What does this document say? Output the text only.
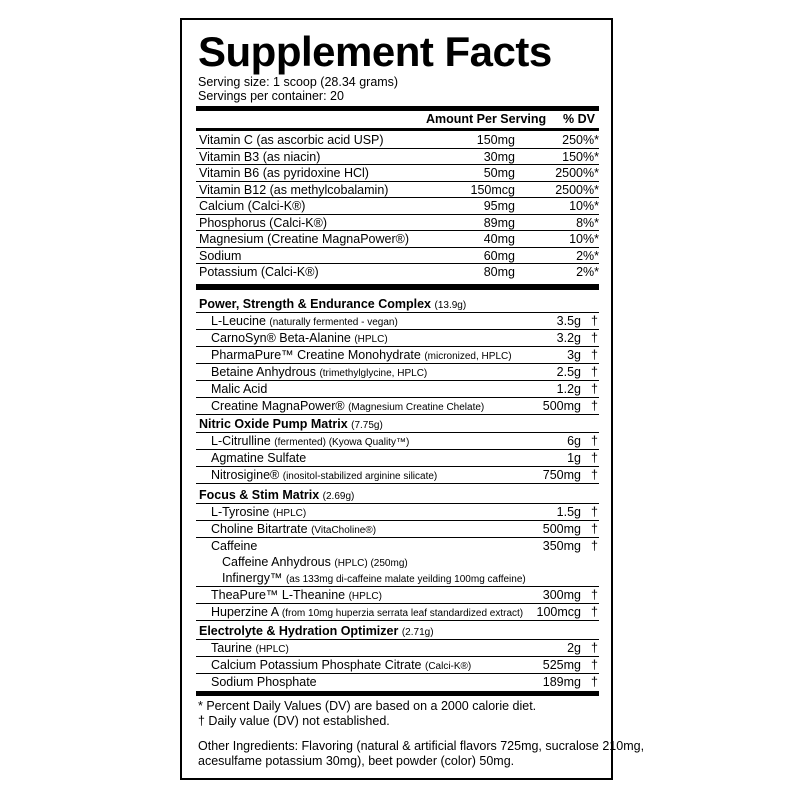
Supplement Facts
Serving size: 1 scoop (28.34 grams)
Servings per container: 20
Amount Per Serving % DV
Vitamin C (as ascorbic acid USP)	150mg	250%*
Vitamin B3 (as niacin)	30mg	150%*
Vitamin B6 (as pyridoxine HCl)	50mg	2500%*
Vitamin B12 (as methylcobalamin)	150mcg	2500%*
Calcium (Calci-K®)	95mg	10%*
Phosphorus (Calci-K®)	89mg	8%*
Magnesium (Creatine MagnaPower®)	40mg	10%*
Sodium	60mg	2%*
Potassium (Calci-K®)	80mg	2%*
Power, Strength & Endurance Complex (13.9g)
L-Leucine (naturally fermented - vegan)	3.5g †
CarnoSyn® Beta-Alanine (HPLC)	3.2g †
PharmaPure™ Creatine Monohydrate (micronized, HPLC)	3g †
Betaine Anhydrous (trimethylglycine, HPLC)	2.5g †
Malic Acid	1.2g †
Creatine MagnaPower® (Magnesium Creatine Chelate)	500mg †
Nitric Oxide Pump Matrix (7.75g)
L-Citrulline (fermented) (Kyowa Quality™)	6g †
Agmatine Sulfate	1g †
Nitrosigine® (inositol-stabilized arginine silicate)	750mg †
Focus & Stim Matrix (2.69g)
L-Tyrosine (HPLC)	1.5g †
Choline Bitartrate (VitaCholine®)	500mg †
Caffeine	350mg †
Caffeine Anhydrous (HPLC) (250mg)
Infinergy™ (as 133mg di-caffeine malate yeilding 100mg caffeine)
TheaPure™ L-Theanine (HPLC)	300mg †
Huperzine A (from 10mg huperzia serrata leaf standardized extract) 100mcg †
Electrolyte & Hydration Optimizer (2.71g)
Taurine (HPLC)	2g †
Calcium Potassium Phosphate Citrate (Calci-K®)	525mg †
Sodium Phosphate	189mg †
* Percent Daily Values (DV) are based on a 2000 calorie diet.
† Daily value (DV) not established.
Other Ingredients: Flavoring (natural & artificial flavors 725mg, sucralose 210mg,
acesulfame potassium 30mg), beet powder (color) 50mg.
